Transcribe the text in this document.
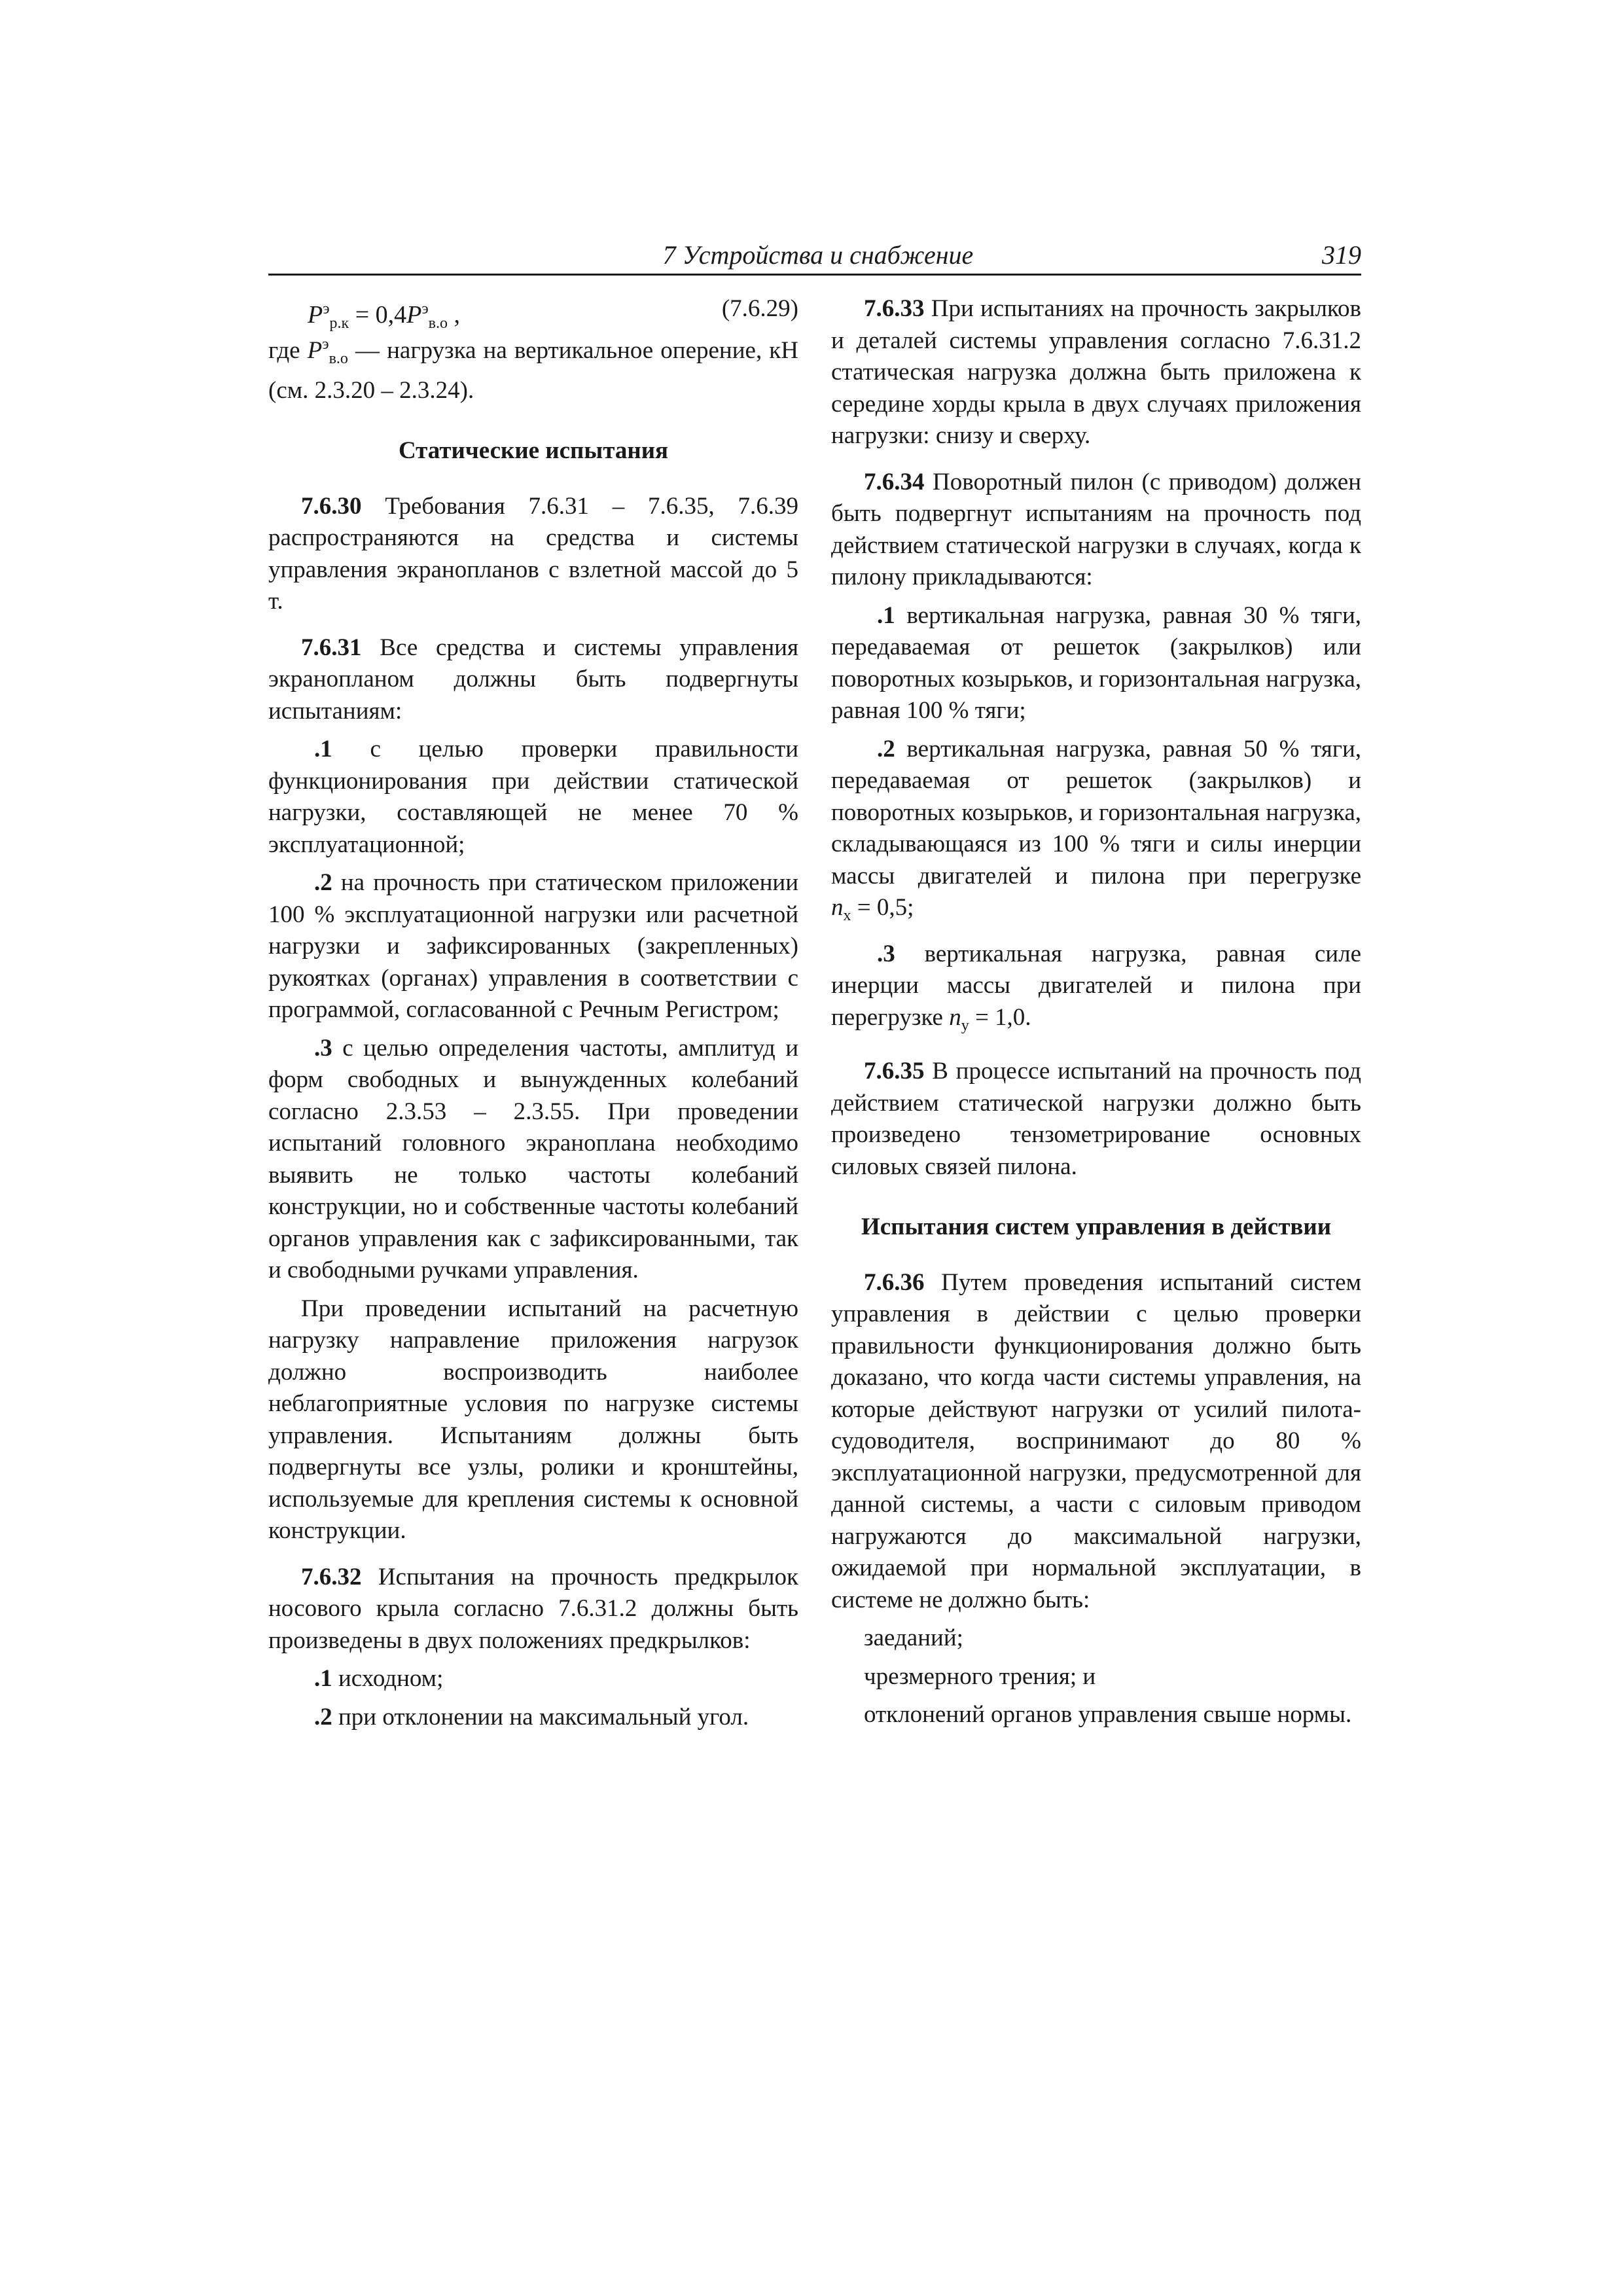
7 Устройства и снабжение	319
$P^э_{р.к} = 0,4P^э_{в.о}$ ,	(7.6.29)

где $P^э_{в.о}$ — нагрузка на вертикальное оперение, кН (см. 2.3.20 – 2.3.24).

Статические испытания

7.6.30 Требования 7.6.31 – 7.6.35, 7.6.39 распространяются на средства и системы управления экранопланов с взлетной массой до 5 т.

7.6.31 Все средства и системы управления экранопланом должны быть подвергнуты испытаниям:

.1 с целью проверки правильности функционирования при действии статической нагрузки, составляющей не менее 70 % эксплуатационной;

.2 на прочность при статическом приложении 100 % эксплуатационной нагрузки или расчетной нагрузки и зафиксированных (закрепленных) рукоятках (органах) управления в соответствии с программой, согласованной с Речным Регистром;

.3 с целью определения частоты, амплитуд и форм свободных и вынужденных колебаний согласно 2.3.53 – 2.3.55. При проведении испытаний головного экраноплана необходимо выявить не только частоты колебаний конструкции, но и собственные частоты колебаний органов управления как с зафиксированными, так и свободными ручками управления.

При проведении испытаний на расчетную нагрузку направление приложения нагрузок должно воспроизводить наиболее неблагоприятные условия по нагрузке системы управления. Испытаниям должны быть подвергнуты все узлы, ролики и кронштейны, используемые для крепления системы к основной конструкции.

7.6.32 Испытания на прочность предкрылок носового крыла согласно 7.6.31.2 должны быть произведены в двух положениях предкрылков:

.1 исходном;

.2 при отклонении на максимальный угол.

7.6.33 При испытаниях на прочность закрылков и деталей системы управления согласно 7.6.31.2 статическая нагрузка должна быть приложена к середине хорды крыла в двух случаях приложения нагрузки: снизу и сверху.

7.6.34 Поворотный пилон (с приводом) должен быть подвергнут испытаниям на прочность под действием статической нагрузки в случаях, когда к пилону прикладываются:

.1 вертикальная нагрузка, равная 30 % тяги, передаваемая от решеток (закрылков) или поворотных козырьков, и горизонтальная нагрузка, равная 100 % тяги;

.2 вертикальная нагрузка, равная 50 % тяги, передаваемая от решеток (закрылков) и поворотных козырьков, и горизонтальная нагрузка, складывающаяся из 100 % тяги и силы инерции массы двигателей и пилона при перегрузке $n_x = 0,5$;

.3 вертикальная нагрузка, равная силе инерции массы двигателей и пилона при перегрузке $n_y = 1,0$.

7.6.35 В процессе испытаний на прочность под действием статической нагрузки должно быть произведено тензометрирование основных силовых связей пилона.

Испытания систем управления в действии

7.6.36 Путем проведения испытаний систем управления в действии с целью проверки правильности функционирования должно быть доказано, что когда части системы управления, на которые действуют нагрузки от усилий пилота-судоводителя, воспринимают до 80 % эксплуатационной нагрузки, предусмотренной для данной системы, а части с силовым приводом нагружаются до максимальной нагрузки, ожидаемой при нормальной эксплуатации, в системе не должно быть:

заеданий;

чрезмерного трения; и

отклонений органов управления свыше нормы.
